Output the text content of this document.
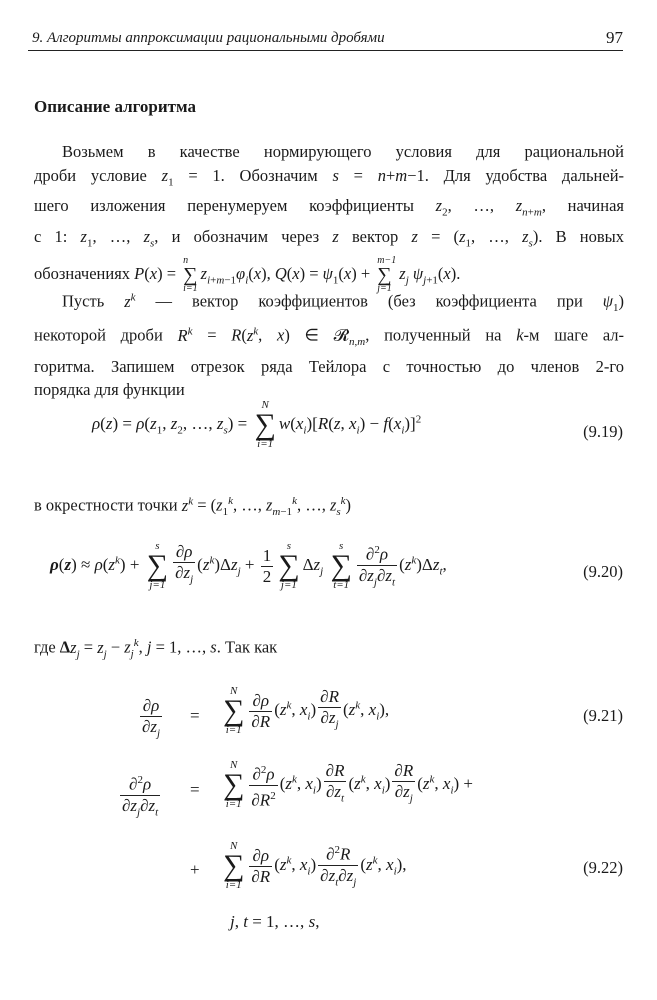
9. Алгоритмы аппроксимации рациональными дробями	97
Описание алгоритма
Возьмем в качестве нормирующего условия для рациональной
дроби условие $z_1 = 1$. Обозначим s = n+m−1. Для удобства дальней-
шего изложения перенумеруем коэффициенты $z_2$, …, $z_{n+m}$, начиная
с 1: $z_1$, …, $z_s$, и обозначим через z вектор $z = (z_1$, …, $z_s$). В новых
обозначениях P(x) =
n
∑
i=1
$z_{i+m-1}\varphi_i(x)$, $Q(x) = \psi_1(x)$ +
m−1
∑
j=1
$z_j$ $\psi_{j+1}(x)$.
Пусть $z^k$ — вектор коэффициентов (без коэффициента при $\psi_1$)
некоторой дроби $R^k = R(z^k$, x) ∈ 𝓡$_{n,m}$, полученный на k-м шаге ал-
горитма. Запишем отрезок ряда Тейлора с точностью до членов 2-го
порядка для функции
$\rho(z) = \rho(z_1$, $z_2$, …, $z_s$) =
N
∑
i=1
$w(x_i)[R(z$, $x_i) - f(x_i)]^2$
(9.19)
в окрестности точки $z^k = (z_1^k$, …, $z_{m-1}^k$, …, $z_s^k$)
$\rho(z) \approx \rho(z^k)$ +
s
∑
$j=1 \frac{\partial\rho}{\partial z_j} (z^k)\Delta z_j + \frac{1}{2}$	s
∑
j=1
$\Delta z_j$
s
∑
$t=1 \frac{\partial^2\rho}{\partial z_j\partial z_t} (z^k)\Delta z_t$,	(9.20)
где $\Delta z_j = z_j - z_j^k$, j = 1, …, s. Так как
$\frac{\partial\rho}{\partial z_j}$ =
N
∑
$i=1 \frac{\partial\rho}{\partial R} (z^k$, $x_i) \frac{\partial R}{\partial z_j} (z^k$, $x_i$),	(9.21)
$\frac{\partial^2\rho}{\partial z_j\partial z_t}$ =
N
∑
$i=1 \frac{\partial^2\rho}{\partial R^2} (z^k$, $x_i) \frac{\partial R}{\partial z_t} (z^k$, $x_i) \frac{\partial R}{\partial z_j} (z^k$, $x_i$) +
+
N
∑
$i=1 \frac{\partial\rho}{\partial R} (z^k$, $x_i) \frac{\partial^2R}{\partial z_t\partial z_j} (z^k$, $x_i$),	(9.22)
j, t = 1, …, s,
